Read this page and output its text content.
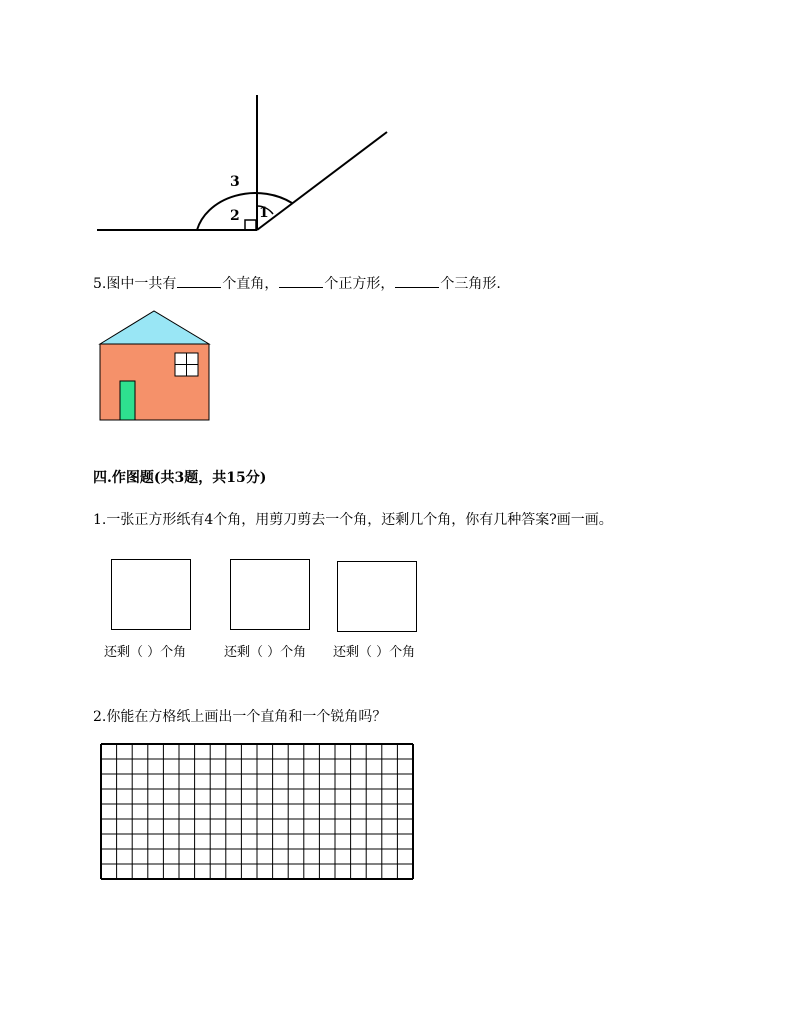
3
2 1
5.图中一共有	个直角，	个正方形，	个三角形.
四.作图题(共3题，共15分)
1.一张正方形纸有4个角，用剪刀剪去一个角，还剩几个角，你有几种答案?画一画。
还剩（ ）个角	还剩（ ）个角 还剩（ ）个角
2.你能在方格纸上画出一个直角和一个锐角吗？
